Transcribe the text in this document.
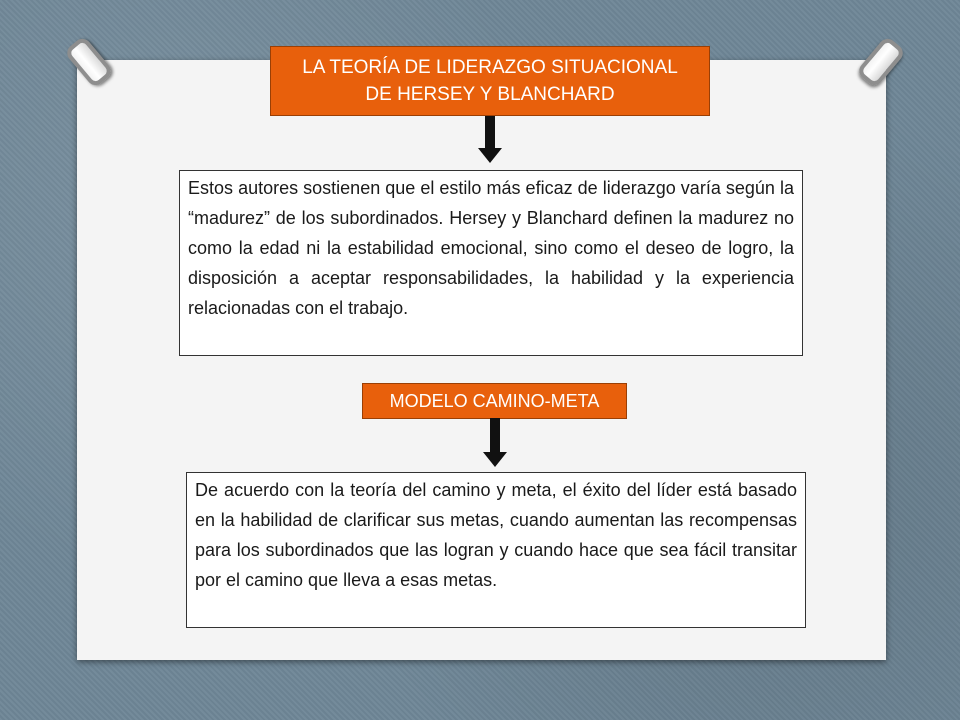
LA TEORÍA DE LIDERAZGO SITUACIONAL
DE HERSEY Y BLANCHARD
Estos autores sostienen que el estilo más eficaz de liderazgo varía según la “madurez” de los subordinados. Hersey y Blanchard definen la madurez no como la edad ni la estabilidad emocional, sino como el deseo de logro, la disposición a aceptar responsabilidades, la habilidad y la experiencia relacionadas con el trabajo.
MODELO CAMINO-META
De acuerdo con la teoría del camino y meta, el éxito del líder está basado en la habilidad de clarificar sus metas, cuando aumentan las recompensas para los subordinados que las logran y cuando hace que sea fácil transitar por el camino que lleva a esas metas.
